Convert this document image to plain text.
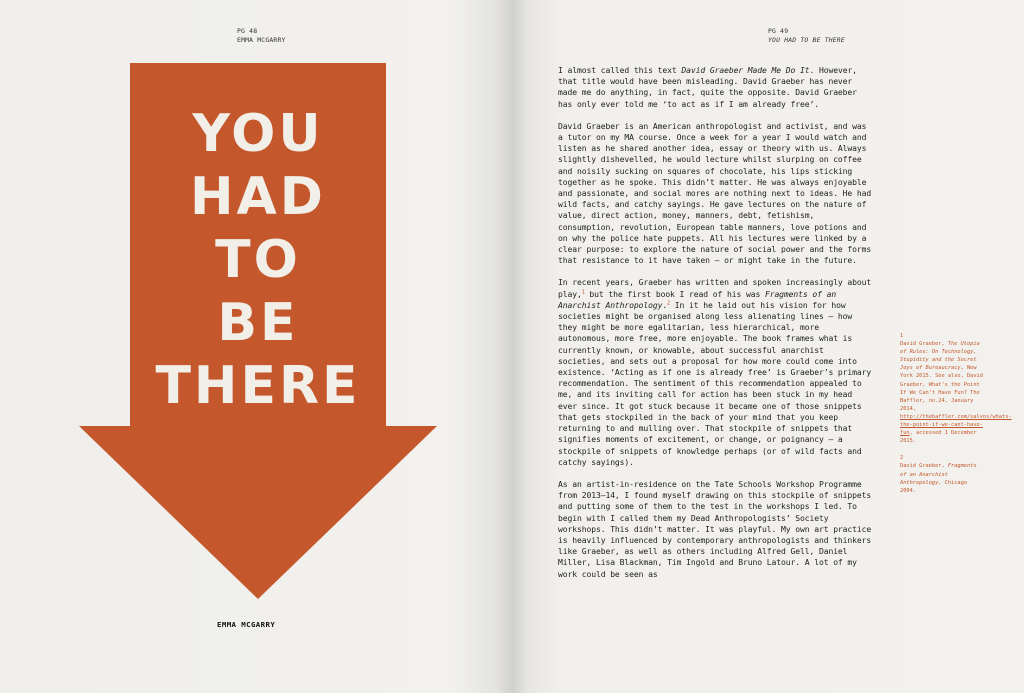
PG 48
EMMA MCGARRY
YOU
HAD
TO
BE
THERE
EMMA MCGARRY
PG 49
YOU HAD TO BE THERE

I almost called this text David Graeber Made Me Do It. However, that title would have been misleading. David Graeber has never made me do anything, in fact, quite the opposite. David Graeber has only ever told me ‘to act as if I am already free’.

David Graeber is an American anthropologist and activist, and was a tutor on my MA course. Once a week for a year I would watch and listen as he shared another idea, essay or theory with us. Always slightly dishevelled, he would lecture whilst slurping on coffee and noisily sucking on squares of chocolate, his lips sticking together as he spoke. This didn’t matter. He was always enjoyable and passionate, and social mores are nothing next to ideas. He had wild facts, and catchy sayings. He gave lectures on the nature of value, direct action, money, manners, debt, fetishism, consumption, revolution, European table manners, love potions and on why the police hate puppets. All his lectures were linked by a clear purpose: to explore the nature of social power and the forms that resistance to it have taken – or might take in the future.

In recent years, Graeber has written and spoken increasingly about play,$^1$ but the first book I read of his was Fragments of an Anarchist Anthropology.$^2$ In it he laid out his vision for how societies might be organised along less alienating lines – how they might be more egalitarian, less hierarchical, more autonomous, more free, more enjoyable. The book frames what is currently known, or knowable, about successful anarchist societies, and sets out a proposal for how more could come into existence. ‘Acting as if one is already free’ is Graeber’s primary recommendation. The sentiment of this recommendation appealed to me, and its inviting call for action has been stuck in my head ever since. It got stuck because it became one of those snippets that gets stockpiled in the back of your mind that you keep returning to and mulling over. That stockpile of snippets that signifies moments of excitement, or change, or poignancy – a stockpile of snippets of knowledge perhaps (or of wild facts and catchy sayings).

As an artist-in-residence on the Tate Schools Workshop Programme from 2013–14, I found myself drawing on this stockpile of snippets and putting some of them to the test in the workshops I led. To begin with I called them my Dead Anthropologists’ Society workshops. This didn’t matter. It was playful. My own art practice is heavily influenced by contemporary anthropologists and thinkers like Graeber, as well as others including Alfred Gell, Daniel Miller, Lisa Blackman, Tim Ingold and Bruno Latour. A lot of my work could be seen as

1
David Graeber, The Utopia of Rules: On Technology, Stupidity and the Secret Joys of Bureaucracy, New York 2015. See also, David Graeber, What’s the Point If We Can’t Have Fun? The Baffler, no.24, January 2014, http://thebaffler.com/salvos/whats-the-point-if-we-cant-have-fun, accessed 1 December 2015.
2
David Graeber, Fragments of an Anarchist Anthropology, Chicago 2004.
